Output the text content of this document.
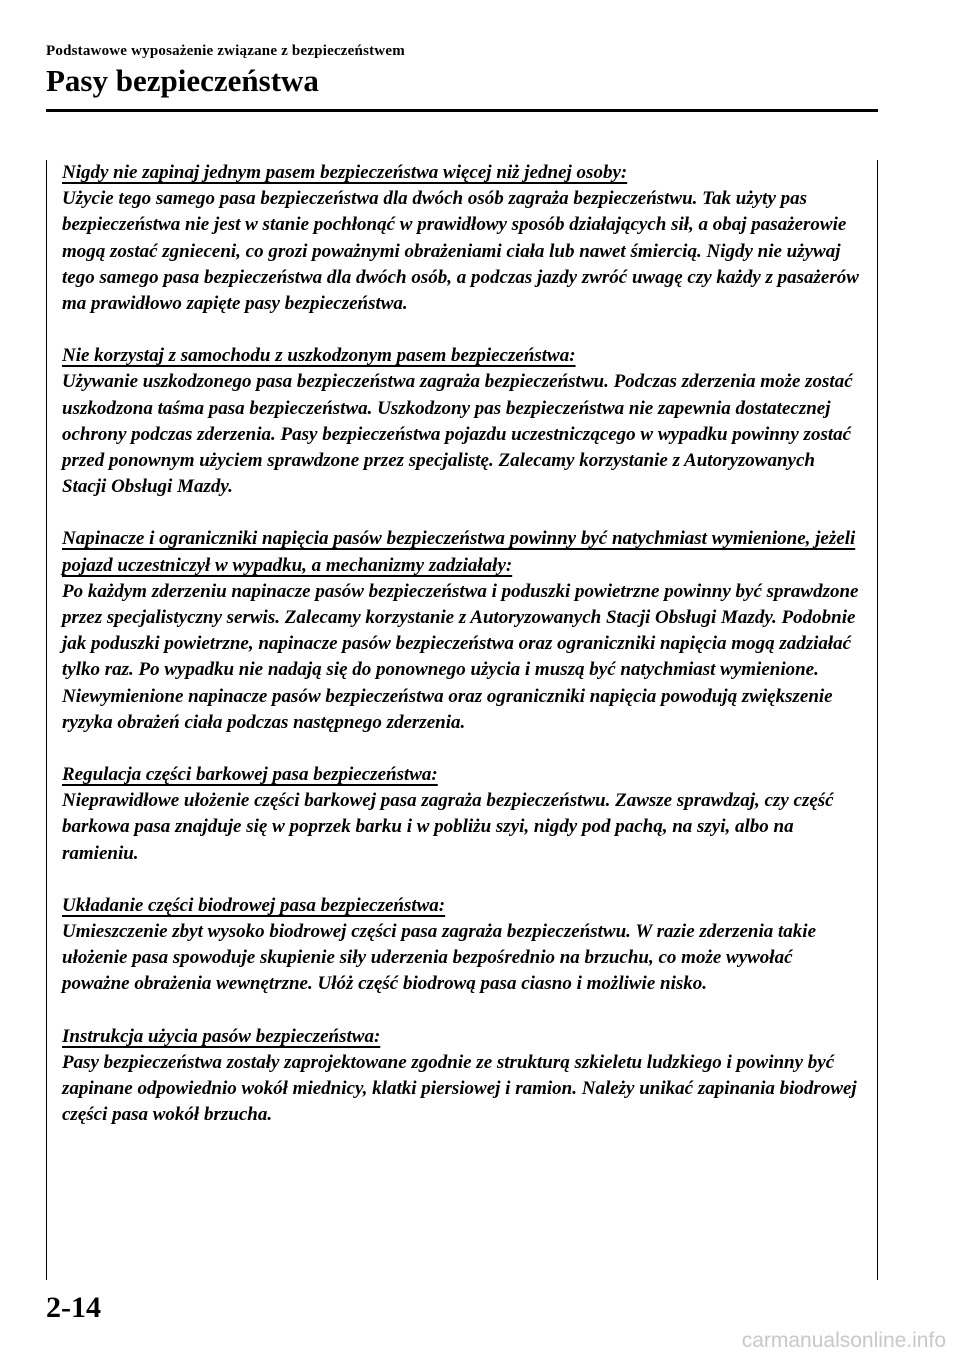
Podstawowe wyposażenie związane z bezpieczeństwem
Pasy bezpieczeństwa
Nigdy nie zapinaj jednym pasem bezpieczeństwa więcej niż jednej osoby:
Użycie tego samego pasa bezpieczeństwa dla dwóch osób zagraża bezpieczeństwu. Tak użyty pas bezpieczeństwa nie jest w stanie pochłonąć w prawidłowy sposób działających sił, a obaj pasażerowie mogą zostać zgnieceni, co grozi poważnymi obrażeniami ciała lub nawet śmiercią. Nigdy nie używaj tego samego pasa bezpieczeństwa dla dwóch osób, a podczas jazdy zwróć uwagę czy każdy z pasażerów ma prawidłowo zapięte pasy bezpieczeństwa.
Nie korzystaj z samochodu z uszkodzonym pasem bezpieczeństwa:
Używanie uszkodzonego pasa bezpieczeństwa zagraża bezpieczeństwu. Podczas zderzenia może zostać uszkodzona taśma pasa bezpieczeństwa. Uszkodzony pas bezpieczeństwa nie zapewnia dostatecznej ochrony podczas zderzenia. Pasy bezpieczeństwa pojazdu uczestniczącego w wypadku powinny zostać przed ponownym użyciem sprawdzone przez specjalistę. Zalecamy korzystanie z Autoryzowanych Stacji Obsługi Mazdy.
Napinacze i ograniczniki napięcia pasów bezpieczeństwa powinny być natychmiast wymienione, jeżeli pojazd uczestniczył w wypadku, a mechanizmy zadziałały:
Po każdym zderzeniu napinacze pasów bezpieczeństwa i poduszki powietrzne powinny być sprawdzone przez specjalistyczny serwis. Zalecamy korzystanie z Autoryzowanych Stacji Obsługi Mazdy. Podobnie jak poduszki powietrzne, napinacze pasów bezpieczeństwa oraz ograniczniki napięcia mogą zadziałać tylko raz. Po wypadku nie nadają się do ponownego użycia i muszą być natychmiast wymienione. Niewymienione napinacze pasów bezpieczeństwa oraz ograniczniki napięcia powodują zwiększenie ryzyka obrażeń ciała podczas następnego zderzenia.
Regulacja części barkowej pasa bezpieczeństwa:
Nieprawidłowe ułożenie części barkowej pasa zagraża bezpieczeństwu. Zawsze sprawdzaj, czy część barkowa pasa znajduje się w poprzek barku i w pobliżu szyi, nigdy pod pachą, na szyi, albo na ramieniu.
Układanie części biodrowej pasa bezpieczeństwa:
Umieszczenie zbyt wysoko biodrowej części pasa zagraża bezpieczeństwu. W razie zderzenia takie ułożenie pasa spowoduje skupienie siły uderzenia bezpośrednio na brzuchu, co może wywołać poważne obrażenia wewnętrzne. Ułóż część biodrową pasa ciasno i możliwie nisko.
Instrukcja użycia pasów bezpieczeństwa:
Pasy bezpieczeństwa zostały zaprojektowane zgodnie ze strukturą szkieletu ludzkiego i powinny być zapinane odpowiednio wokół miednicy, klatki piersiowej i ramion. Należy unikać zapinania biodrowej części pasa wokół brzucha.
2-14
carmanualsonline.info
